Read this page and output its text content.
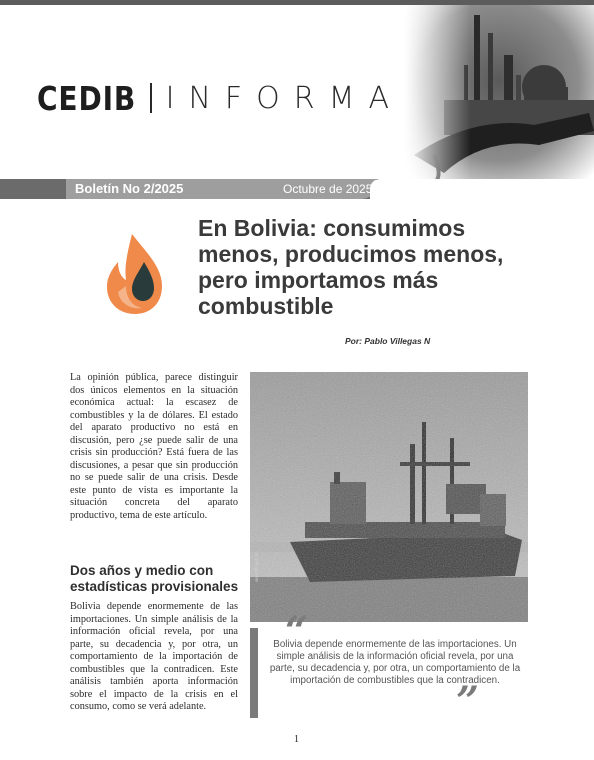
CEDIB INFORMA
Boletín No 2/2025	Octubre de 2025
En Bolivia: consumimos menos, producimos menos, pero importamos más combustible
Por: Pablo Villegas N

La opinión pública, parece distinguir dos únicos elementos en la situación económica actual: la escasez de combustibles y la de dólares. El estado del aparato productivo no está en discusión, pero ¿se puede salir de una crisis sin producción? Está fuera de las discusiones, a pesar que sin producción no se puede salir de una crisis. Desde este punto de vista es importante la situación concreta del aparato productivo, tema de este artículo.

Dos años y medio con estadísticas provisionales

Bolivia depende enormemente de las importaciones. Un simple análisis de la información oficial revela, por una parte, su decadencia y, por otra, un comportamiento de la importación de combustibles que la contradicen. Este análisis también aporta información sobre el impacto de la crisis en el consumo, como se verá adelante.

www.ffh.gob.bo
“

Bolivia depende enormemente de las importaciones. Un simple análisis de la información oficial revela, por una parte, su decadencia y, por otra, un comportamiento de la importación de combustibles que la contradicen.

”
1
